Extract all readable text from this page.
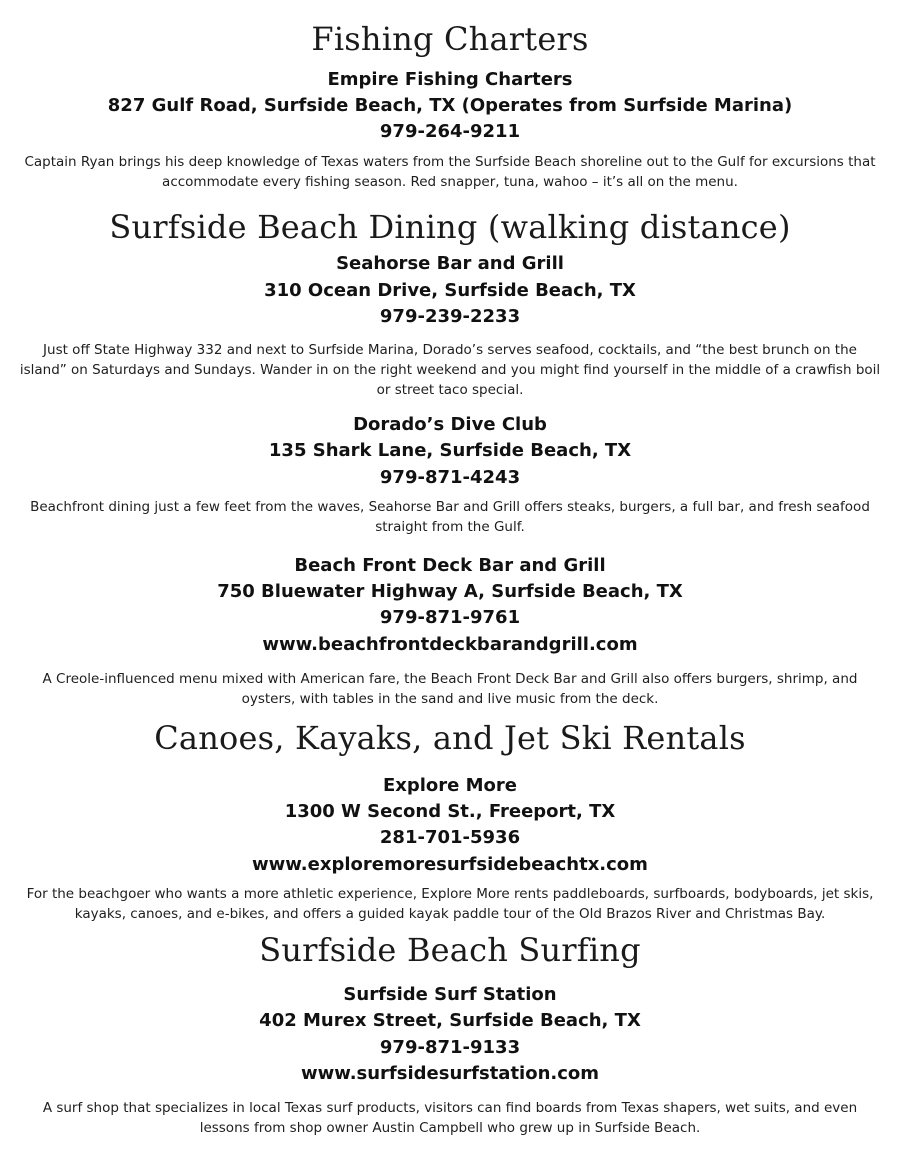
Fishing Charters
Empire Fishing Charters
827 Gulf Road, Surfside Beach, TX (Operates from Surfside Marina)
979-264-9211
Captain Ryan brings his deep knowledge of Texas waters from the Surfside Beach shoreline out to the Gulf for excursions that accommodate every fishing season. Red snapper, tuna, wahoo – it’s all on the menu.
Surfside Beach Dining (walking distance)
Seahorse Bar and Grill
310 Ocean Drive, Surfside Beach, TX
979-239-2233
Just off State Highway 332 and next to Surfside Marina, Dorado’s serves seafood, cocktails, and “the best brunch on the island” on Saturdays and Sundays. Wander in on the right weekend and you might find yourself in the middle of a crawfish boil or street taco special.
Dorado’s Dive Club
135 Shark Lane, Surfside Beach, TX
979-871-4243
Beachfront dining just a few feet from the waves, Seahorse Bar and Grill offers steaks, burgers, a full bar, and fresh seafood straight from the Gulf.
Beach Front Deck Bar and Grill
750 Bluewater Highway A, Surfside Beach, TX
979-871-9761
www.beachfrontdeckbarandgrill.com
A Creole-influenced menu mixed with American fare, the Beach Front Deck Bar and Grill also offers burgers, shrimp, and oysters, with tables in the sand and live music from the deck.
Canoes, Kayaks, and Jet Ski Rentals
Explore More
1300 W Second St., Freeport, TX
281-701-5936
www.exploremoresurfsidebeachtx.com
For the beachgoer who wants a more athletic experience, Explore More rents paddleboards, surfboards, bodyboards, jet skis, kayaks, canoes, and e-bikes, and offers a guided kayak paddle tour of the Old Brazos River and Christmas Bay.
Surfside Beach Surfing
Surfside Surf Station
402 Murex Street, Surfside Beach, TX
979-871-9133
www.surfsidesurfstation.com
A surf shop that specializes in local Texas surf products, visitors can find boards from Texas shapers, wet suits, and even lessons from shop owner Austin Campbell who grew up in Surfside Beach.
